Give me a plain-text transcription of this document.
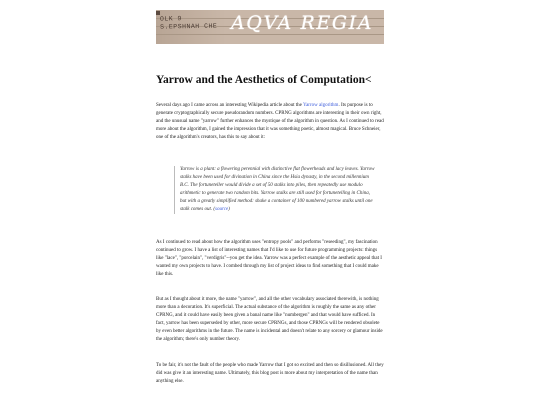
OLK 9
S.EPSHNAH CHE AQVA REGIA
Yarrow and the Aesthetics of Computation<
Several days ago I came across an interesting Wikipedia article about the Yarrow algorithm. Its purpose is to generate cryptographically secure pseudorandom numbers. CPRNG algorithms are interesting in their own right, and the unusual name "yarrow" further enhances the mystique of the algorithm in question. As I continued to read more about the algorithm, I gained the impression that it was something poetic, almost magical. Bruce Schneier, one of the algorithm's creators, has this to say about it:
Yarrow is a plant: a flowering perennial with distinctive flat flowerheads and lacy leaves. Yarrow stalks have been used for divination in China since the Hsia dynasty, in the second millennium B.C. The fortuneteller would divide a set of 50 stalks into piles, then repeatedly use modulo arithmetic to generate two random bits. Yarrow stalks are still used for fortunetelling in China, but with a greatly simplified method: shake a container of 100 numbered yarrow stalks until one stalk comes out. (source)
As I continued to read about how the algorithm uses "entropy pools" and performs "reseeding", my fascination continued to grow. I have a list of interesting names that I'd like to use for future programming projects: things like "lace", "porcelain", "verdigris"--you get the idea. Yarrow was a perfect example of the aesthetic appeal that I wanted my own projects to have. I combed through my list of project ideas to find something that I could make like this.
But as I thought about it more, the name "yarrow", and all the other vocabulary associated therewith, is nothing more than a decoration. It's superficial. The actual substance of the algorithm is roughly the same as any other CPRNG, and it could have easily been given a banal name like "numbergen" and that would have sufficed. In fact, yarrow has been superseded by other, more secure CPRNGs, and those CPRNGs will be rendered obsolete by even better algorithms in the future. The name is incidental and doesn't relate to any sorcery or glamour inside the algorithm; there's only number theory.
To be fair, it's not the fault of the people who made Yarrow that I got so excited and then so disillusioned. All they did was give it an interesting name. Ultimately, this blog post is more about my interpretation of the name than anything else.
